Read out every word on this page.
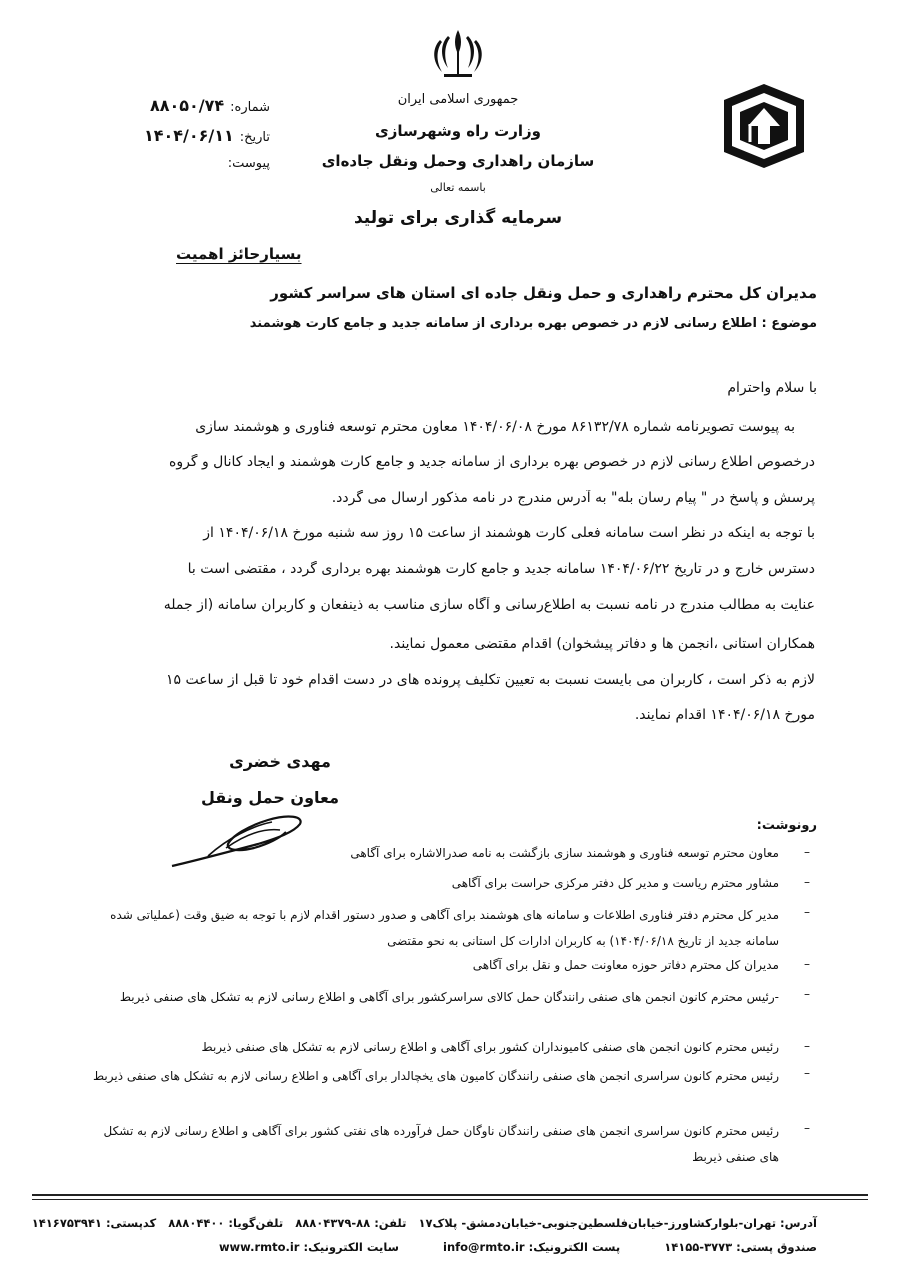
جمهوری اسلامی ایران
وزارت راه وشهرسازی
سازمان راهداری وحمل ونقل جاده‌ای
باسمه تعالی
سرمایه گذاری برای تولید
شماره:۸۸۰۵۰/۷۴
تاریخ:۱۴۰۴/۰۶/۱۱
پیوست:
بسیارحائز اهمیت
مدیران کل محترم راهداری و حمل ونقل جاده ای استان های سراسر کشور
موضوع : اطلاع رسانی لازم در خصوص بهره برداری از سامانه جدید و جامع کارت هوشمند
با سلام واحترام
به پیوست تصویرنامه شماره ۸۶۱۳۲/۷۸ مورخ ۱۴۰۴/۰۶/۰۸ معاون محترم توسعه فناوری و هوشمند سازی
درخصوص اطلاع رسانی لازم در خصوص بهره برداری از سامانه جدید و جامع کارت هوشمند و ایجاد کانال و گروه
پرسش و پاسخ در " پیام رسان بله" به آدرس مندرج در نامه مذکور ارسال می گردد.
با توجه به اینکه در نظر است سامانه فعلی کارت هوشمند از ساعت ۱۵ روز سه شنبه مورخ ۱۴۰۴/۰۶/۱۸ از
دسترس خارج و در تاریخ ۱۴۰۴/۰۶/۲۲ سامانه جدید و جامع کارت هوشمند بهره برداری گردد ، مقتضی است با
عنایت به مطالب مندرج در نامه نسبت به اطلاع‌رسانی و آگاه سازی مناسب به ذینفعان و کاربران سامانه (از جمله
همکاران استانی ،انجمن ها و دفاتر پیشخوان) اقدام مقتضی معمول نمایند.
لازم به ذکر است ، کاربران می بایست نسبت به تعیین تکلیف پرونده های در دست اقدام خود تا قبل از ساعت ۱۵
مورخ ۱۴۰۴/۰۶/۱۸ اقدام نمایند.
مهدی خضری
معاون حمل ونقل
رونوشت:
–
معاون محترم توسعه فناوری و هوشمند سازی بازگشت به نامه صدرالاشاره برای آگاهی
–
مشاور محترم ریاست و مدیر کل دفتر مرکزی حراست برای آگاهی
–
مدیر کل محترم دفتر فناوری اطلاعات و سامانه های هوشمند برای آگاهی و صدور دستور اقدام لازم با توجه به ضیق وقت (عملیاتی شده سامانه جدید از تاریخ ۱۴۰۴/۰۶/۱۸) به کاربران ادارات کل استانی به نحو مقتضی
–
مدیران کل محترم دفاتر حوزه معاونت حمل و نقل برای آگاهی
–
-رئیس محترم کانون انجمن های صنفی رانندگان حمل کالای سراسرکشور برای آگاهی و اطلاع رسانی لازم به تشکل های صنفی ذیربط
–
رئیس محترم کانون انجمن های صنفی کامیونداران کشور برای آگاهی و اطلاع رسانی لازم به تشکل های صنفی ذیربط
–
رئیس محترم کانون سراسری انجمن های صنفی رانندگان کامیون های یخچالدار برای آگاهی و اطلاع رسانی لازم به تشکل های صنفی ذیربط
–
رئیس محترم کانون سراسری انجمن های صنفی رانندگان ناوگان حمل فرآورده های نفتی کشور برای آگاهی و اطلاع رسانی لازم به تشکل های صنفی ذیربط
آدرس: تهران-بلوارکشاورز-خیابان‌فلسطین‌جنوبی-خیابان‌دمشق- پلاک۱۷   تلفن: ۸۸-۸۸۸۰۴۳۷۹   تلفن‌گویا: ۸۸۸۰۴۴۰۰   کدپستی: ۱۴۱۶۷۵۳۹۴۱
صندوق پستی: ۳۷۷۳-۱۴۱۵۵           پست الکترونیک: info@rmto.ir           سایت الکترونیک: www.rmto.ir
